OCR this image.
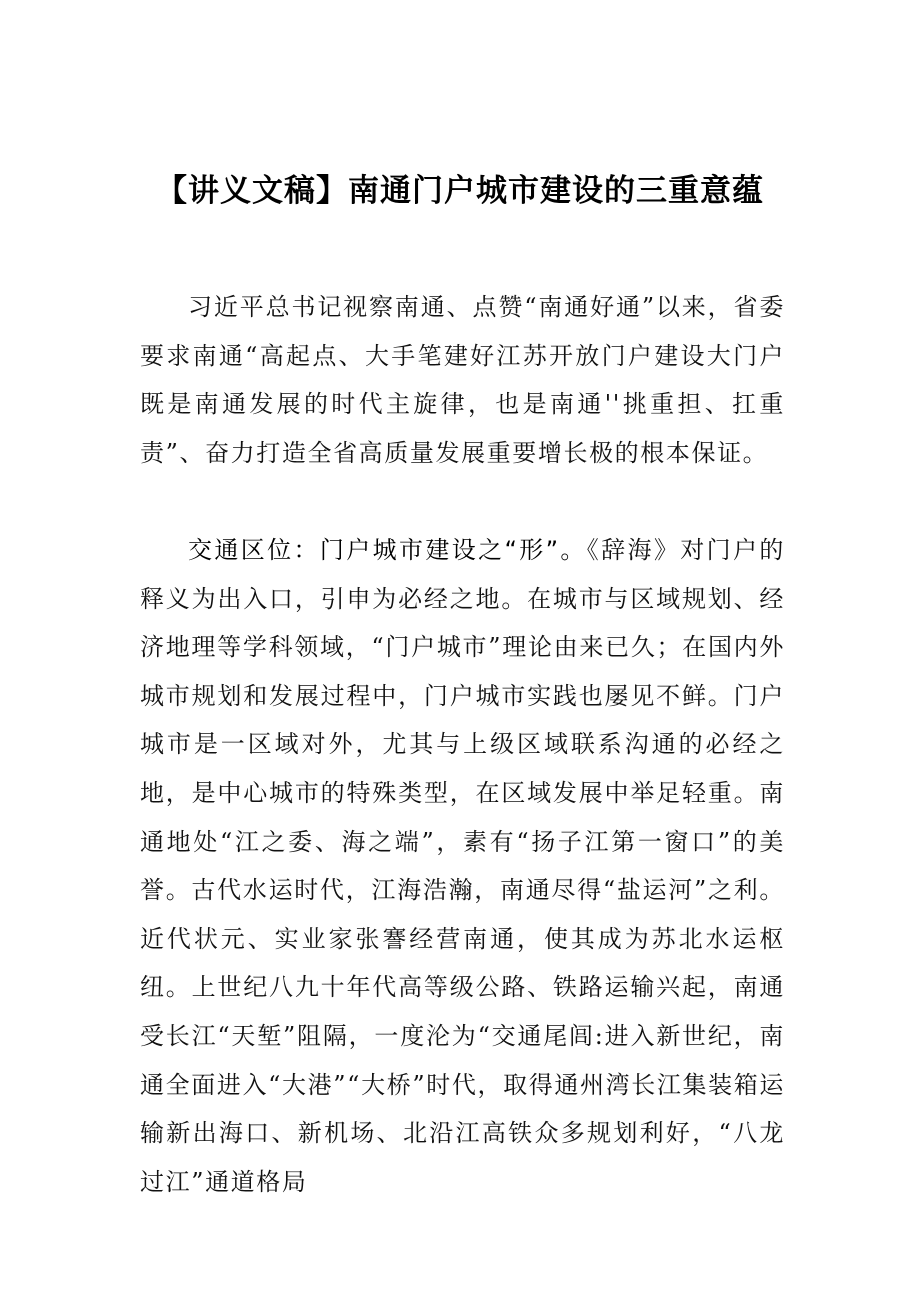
【讲义文稿】南通门户城市建设的三重意蕴

习近平总书记视察南通、点赞“南通好通”以来，省委要求南通“高起点、大手笔建好江苏开放门户建设大门户既是南通发展的时代主旋律，也是南通''挑重担、扛重责”、奋力打造全省高质量发展重要增长极的根本保证。

交通区位：门户城市建设之“形”。《辞海》对门户的释义为出入口，引申为必经之地。在城市与区域规划、经济地理等学科领域，“门户城市”理论由来已久；在国内外城市规划和发展过程中，门户城市实践也屡见不鲜。门户城市是一区域对外，尤其与上级区域联系沟通的必经之地，是中心城市的特殊类型，在区域发展中举足轻重。南通地处“江之委、海之端”，素有“扬子江第一窗口”的美誉。古代水运时代，江海浩瀚，南通尽得“盐运河”之利。近代状元、实业家张謇经营南通，使其成为苏北水运枢纽。上世纪八九十年代高等级公路、铁路运输兴起，南通受长江“天堑”阻隔，一度沦为“交通尾闾:进入新世纪，南通全面进入“大港”“大桥”时代，取得通州湾长江集装箱运输新出海口、新机场、北沿江高铁众多规划利好，“八龙过江”通道格局
